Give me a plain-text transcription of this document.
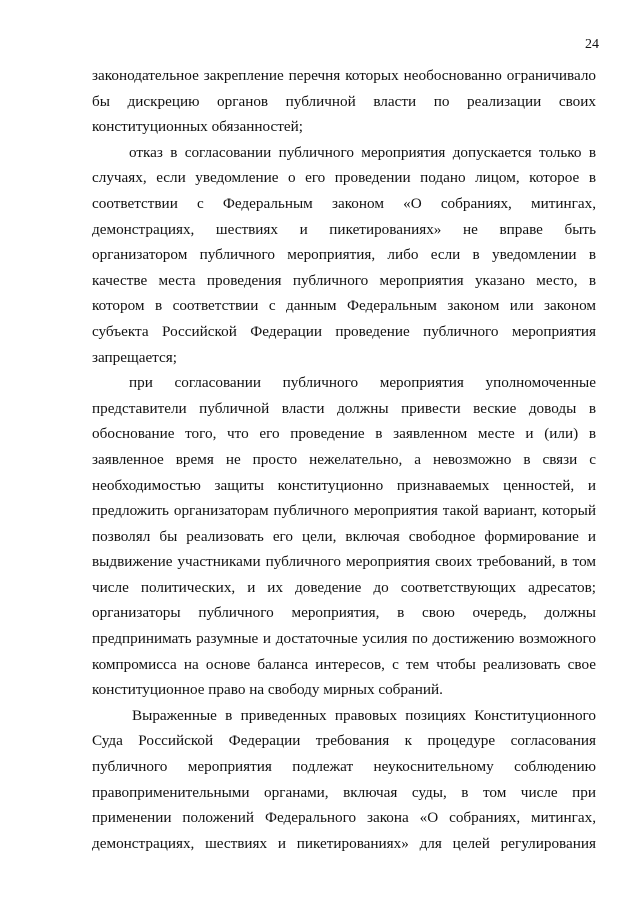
24
законодательное закрепление перечня которых необоснованно ограничивало
бы дискрецию органов публичной власти по реализации своих
конституционных обязанностей;
отказ в согласовании публичного мероприятия допускается только в
случаях, если уведомление о его проведении подано лицом, которое в
соответствии с Федеральным законом «О собраниях, митингах,
демонстрациях, шествиях и пикетированиях» не вправе быть
организатором публичного мероприятия, либо если в уведомлении в
качестве места проведения публичного мероприятия указано место, в
котором в соответствии с данным Федеральным законом или законом
субъекта Российской Федерации проведение публичного мероприятия
запрещается;
при согласовании публичного мероприятия уполномоченные
представители публичной власти должны привести веские доводы в
обоснование того, что его проведение в заявленном месте и (или) в
заявленное время не просто нежелательно, а невозможно в связи с
необходимостью защиты конституционно признаваемых ценностей, и
предложить организаторам публичного мероприятия такой вариант, который
позволял бы реализовать его цели, включая свободное формирование и
выдвижение участниками публичного мероприятия своих требований, в том
числе политических, и их доведение до соответствующих адресатов;
организаторы публичного мероприятия, в свою очередь, должны
предпринимать разумные и достаточные усилия по достижению возможного
компромисса на основе баланса интересов, с тем чтобы реализовать свое
конституционное право на свободу мирных собраний.
Выраженные в приведенных правовых позициях Конституционного
Суда Российской Федерации требования к процедуре согласования
публичного мероприятия подлежат неукоснительному соблюдению
правоприменительными органами, включая суды, в том числе при
применении положений Федерального закона «О собраниях, митингах,
демонстрациях, шествиях и пикетированиях» для целей регулирования
